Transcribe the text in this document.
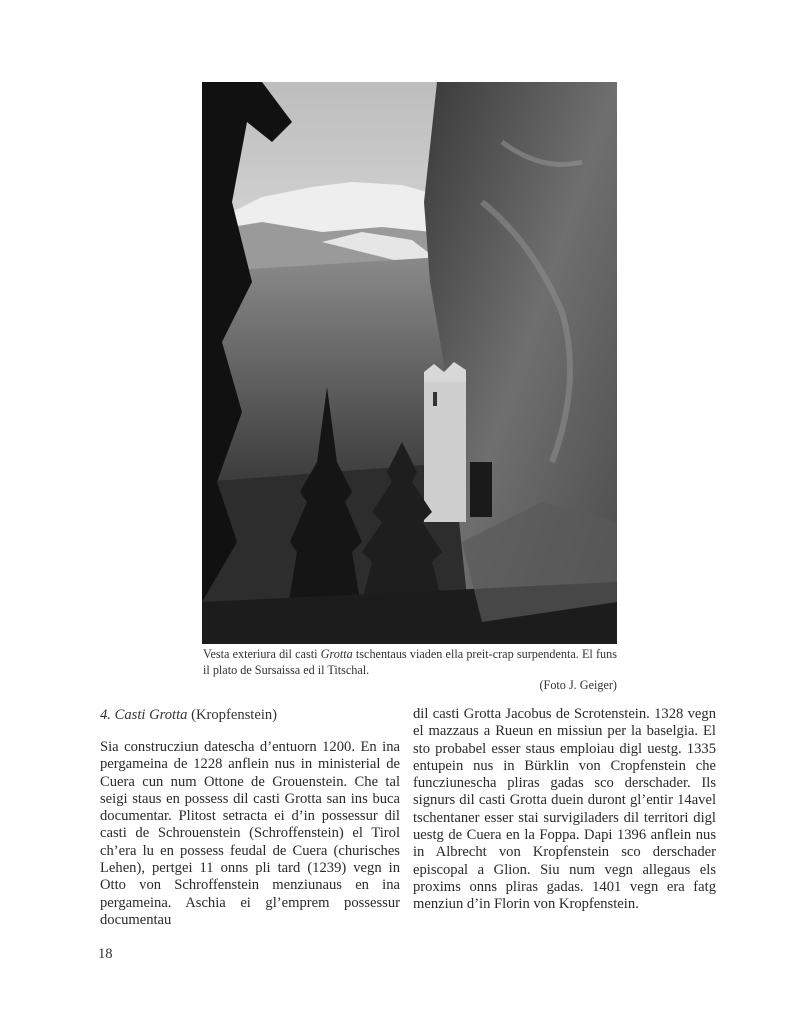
Vesta exteriura dil casti Grotta tschentaus viaden ella preit-crap surpendenta. El funs il plato de Sursaissa ed il Titschal.
(Foto J. Geiger)
4. Casti Grotta (Kropfenstein)

Sia construcziun datescha d’entuorn 1200. En ina pergameina de 1228 anflein nus in ministerial de Cuera cun num Ottone de Grouenstein. Che tal seigi staus en possess dil casti Grotta san ins buca documentar. Plitost setracta ei d’in possessur dil casti de Schrouenstein (Schroffenstein) el Tirol ch’era lu en possess feudal de Cuera (churisches Lehen), pertgei 11 onns pli tard (1239) vegn in Otto von Schroffenstein menziunaus en ina pergameina. Aschia ei gl’emprem possessur documentau

dil casti Grotta Jacobus de Scrotenstein. 1328 vegn el mazzaus a Rueun en missiun per la baselgia. El sto probabel esser staus emploiau digl uestg. 1335 entupein nus in Bürklin von Cropfenstein che funcziunescha pliras gadas sco derschader. Ils signurs dil casti Grotta duein duront gl’entir 14avel tschentaner esser stai survigiladers dil territori digl uestg de Cuera en la Foppa. Dapi 1396 anflein nus in Albrecht von Kropfenstein sco derschader episcopal a Glion. Siu num vegn allegaus els proxims onns pliras gadas. 1401 vegn era fatg menziun d’in Florin von Kropfenstein.

18
